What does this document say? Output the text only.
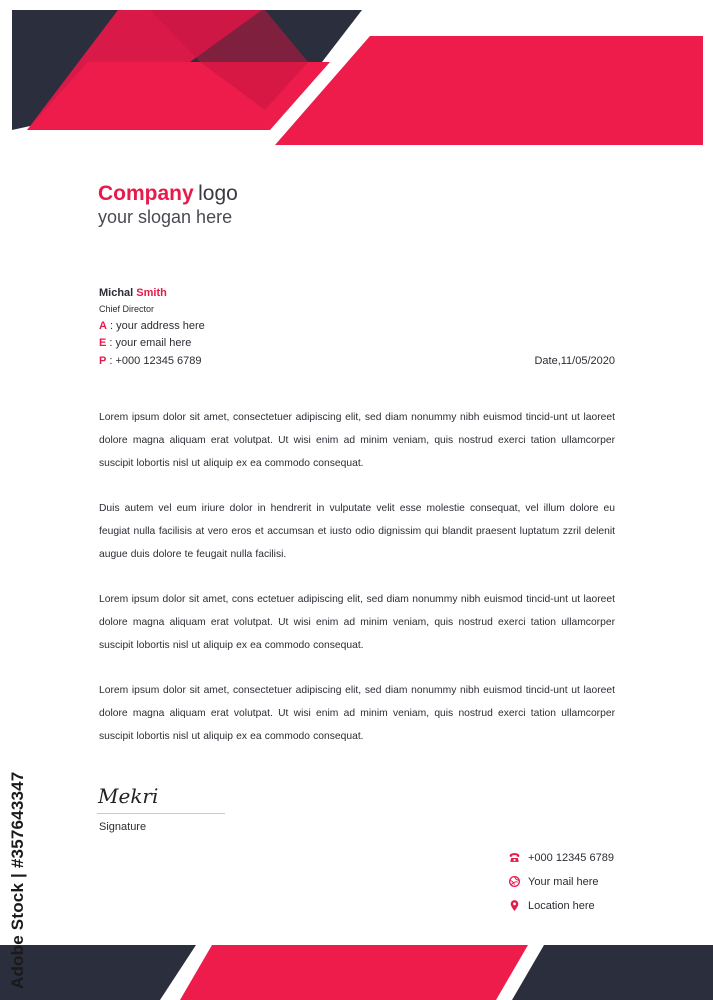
Company logo
your slogan here
Michal Smith
Chief Director
A : your address here
E : your email here
P : +000 12345 6789	Date,11/05/2020

Lorem ipsum dolor sit amet, consectetuer adipiscing elit, sed diam nonummy nibh euismod tincid-unt ut laoreet dolore magna aliquam erat volutpat. Ut wisi enim ad minim veniam, quis nostrud exerci tation ullamcorper suscipit lobortis nisl ut aliquip ex ea commodo consequat.

Duis autem vel eum iriure dolor in hendrerit in vulputate velit esse molestie consequat, vel illum dolore eu feugiat nulla facilisis at vero eros et accumsan et iusto odio dignissim qui blandit praesent luptatum zzril delenit augue duis dolore te feugait nulla facilisi.

Lorem ipsum dolor sit amet, cons ectetuer adipiscing elit, sed diam nonummy nibh euismod tincid-unt ut laoreet dolore magna aliquam erat volutpat. Ut wisi enim ad minim veniam, quis nostrud exerci tation ullamcorper suscipit lobortis nisl ut aliquip ex ea commodo consequat.

Lorem ipsum dolor sit amet, consectetuer adipiscing elit, sed diam nonummy nibh euismod tincid-unt ut laoreet dolore magna aliquam erat volutpat. Ut wisi enim ad minim veniam, quis nostrud exerci tation ullamcorper suscipit lobortis nisl ut aliquip ex ea commodo consequat.

Mekri
Signature
+000 12345 6789
Your mail here
Location here
Adobe Stock | #357643347
